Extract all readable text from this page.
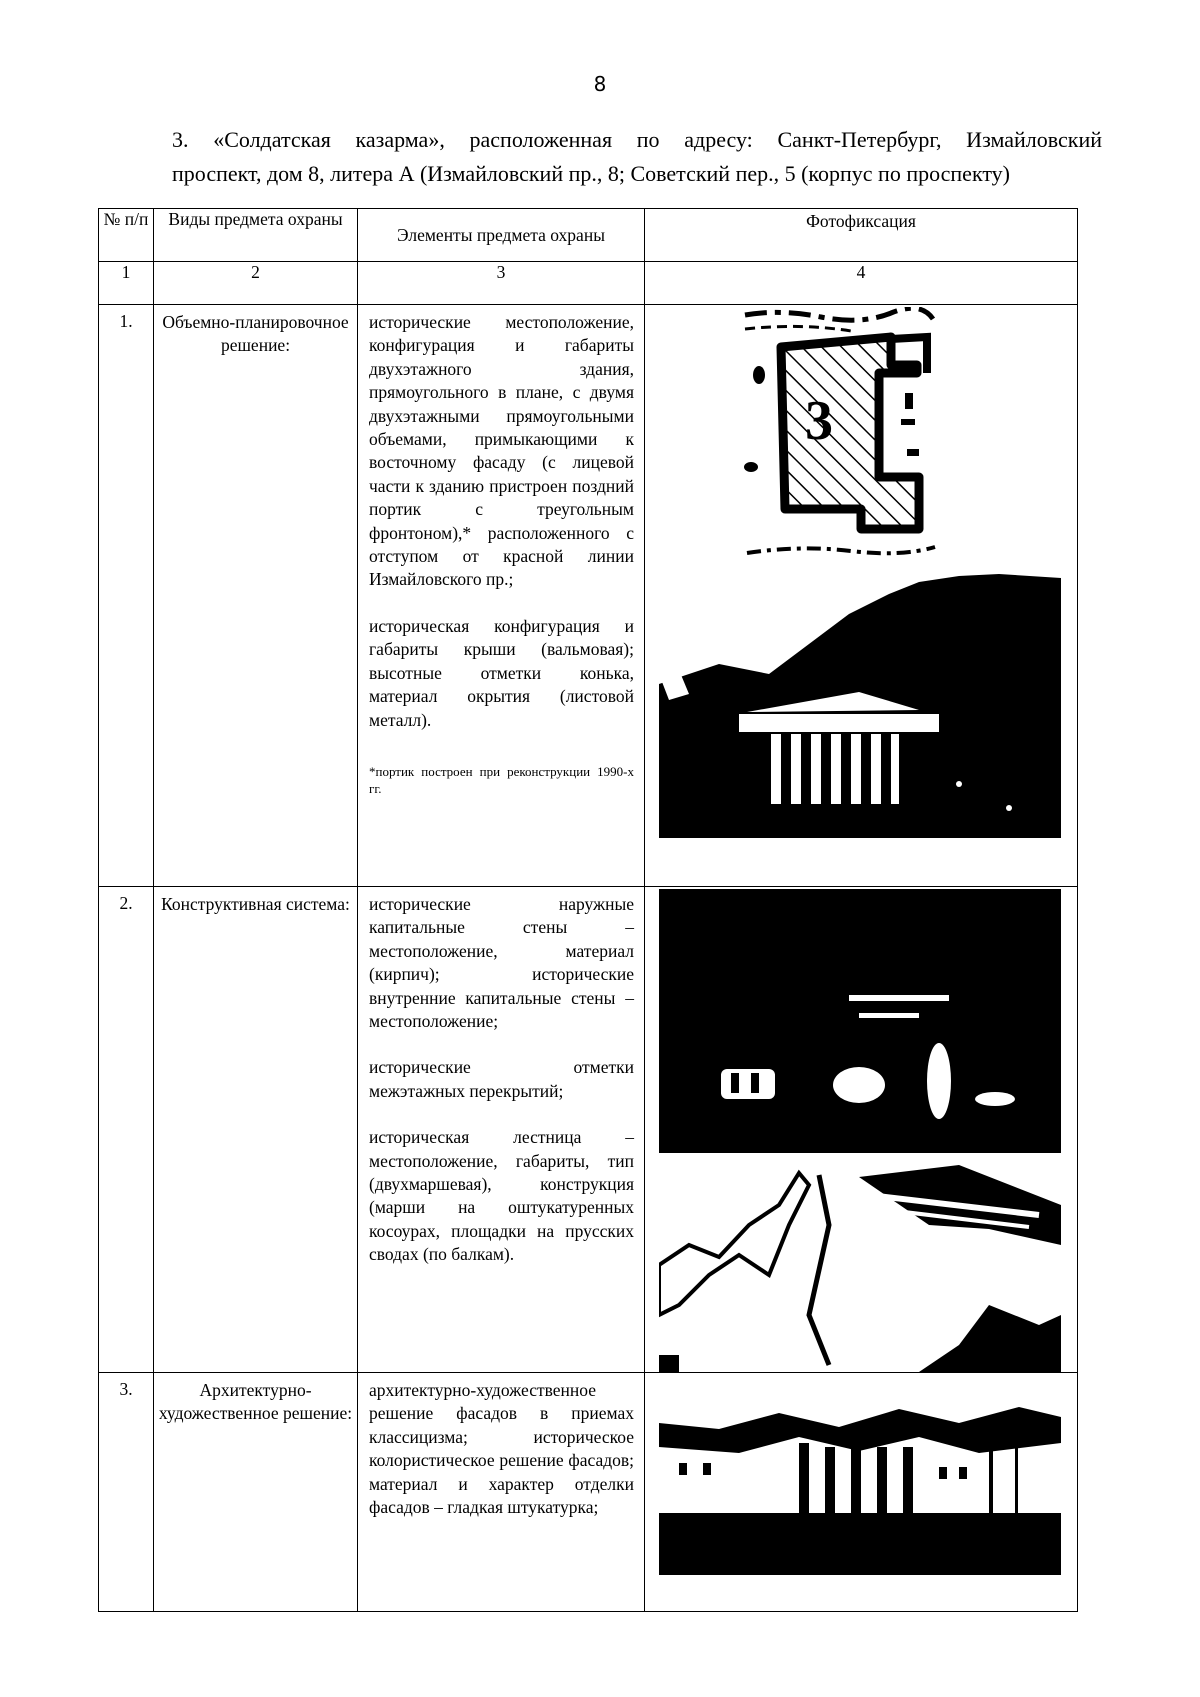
8

3. «Солдатская казарма», расположенная по адресу: Санкт-Петербург, Измайловский

проспект, дом 8, литера А (Измайловский пр., 8; Советский пер., 5 (корпус по проспекту)

№ п/п	Виды предмета охраны	Элементы предмета охраны	Фотофиксация
1	2	3	4
1.	Объемно-планировочное решение:	исторические местоположение, конфигурация и габариты двухэтажного здания, прямоугольного в плане, с двумя двухэтажными прямоугольными объемами, примыкающими к восточному фасаду (с лицевой части к зданию пристроен поздний портик с треугольным фронтоном),* расположенного с отступом от красной линии Измайловского пр.;

историческая конфигурация и габариты крыши (вальмовая); высотные отметки конька, материал окрытия (листовой металл).

*портик построен при реконструкции 1990-х гг.	3

2.	Конструктивная система:	исторические наружные капитальные стены – местоположение, материал (кирпич); исторические внутренние капитальные стены – местоположение;

исторические отметки межэтажных перекрытий;

историческая лестница – местоположение, габариты, тип (двухмаршевая), конструкция (марши на оштукатуренных косоурах, площадки на прусских сводах (по балкам).

3.	Архитектурно-художественное решение:	архитектурно-художественное решение фасадов в приемах классицизма; историческое колористическое решение фасадов; материал и характер отделки фасадов – гладкая штукатурка;
